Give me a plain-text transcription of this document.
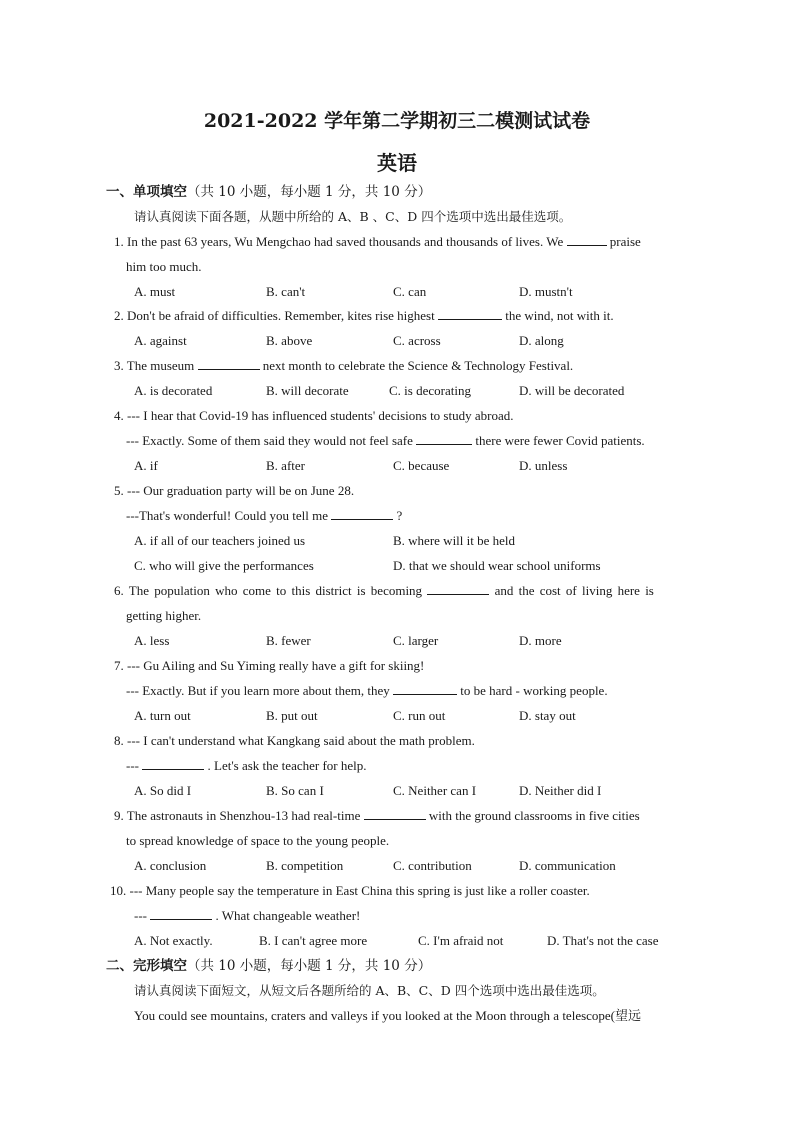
2021-2022 学年第二学期初三二模测试试卷
英语
一、单项填空（共 10 小题，每小题 1 分，共 10 分）
请认真阅读下面各题，从题中所给的 A、B 、C、D 四个选项中选出最佳选项。
1. In the past 63 years, Wu Mengchao had saved thousands and thousands of lives. We	praise
him too much.
A. must	B. can't	C. can	D. mustn't
2. Don't be afraid of difficulties. Remember, kites rise highest	the wind, not with it.
A. against	B. above	C. across	D. along
3. The museum	next month to celebrate the Science & Technology Festival.
A. is decorated	B. will decorate	C. is decorating	D. will be decorated
4. --- I hear that Covid-19 has influenced students' decisions to study abroad.
--- Exactly. Some of them said they would not feel safe	there were fewer Covid patients.
A. if	B. after	C. because	D. unless
5. --- Our graduation party will be on June 28.
---That's wonderful! Could you tell me	?
A. if all of our teachers joined us	B. where will it be held
C. who will give the performances	D. that we should wear school uniforms
6. The population who come to this district is becoming	and the cost of living here is
getting higher.
A. less	B. fewer	C. larger	D. more
7. --- Gu Ailing and Su Yiming really have a gift for skiing!
--- Exactly. But if you learn more about them, they	to be hard - working people.
A. turn out	B. put out	C. run out	D. stay out
8. --- I can't understand what Kangkang said about the math problem.
---	. Let's ask the teacher for help.
A. So did I	B. So can I	C. Neither can I	D. Neither did I
9. The astronauts in Shenzhou-13 had real-time	with the ground classrooms in five cities
to spread knowledge of space to the young people.
A. conclusion	B. competition	C. contribution	D. communication
10. --- Many people say the temperature in East China this spring is just like a roller coaster.
---	. What changeable weather!
A. Not exactly.	B. I can't agree more	C. I'm afraid not	D. That's not the case
二、完形填空（共 10 小题，每小题 1 分，共 10 分）
请认真阅读下面短文，从短文后各题所给的 A、B、C、D 四个选项中选出最佳选项。
You could see mountains, craters and valleys if you looked at the Moon through a telescope(望远
